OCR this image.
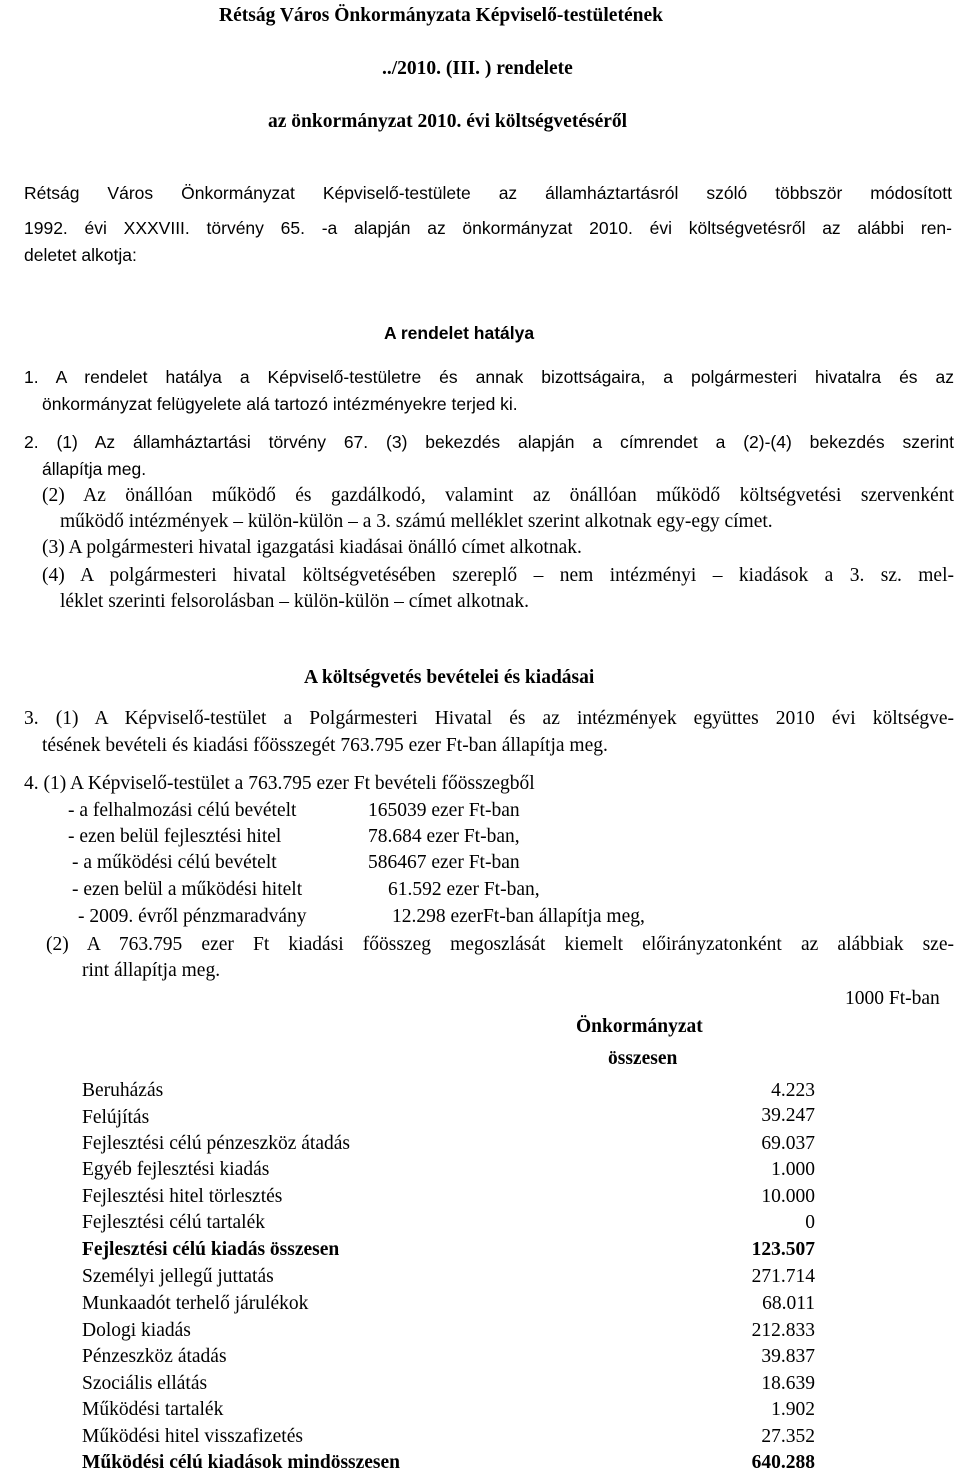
Rétság Város Önkormányzata Képviselő-testületének
../2010. (III. ) rendelete
az önkormányzat 2010. évi költségvetéséről
Rétság Város Önkormányzat Képviselő-testülete az államháztartásról szóló többször módosított
1992. évi XXXVIII. törvény 65. -a alapján az önkormányzat 2010. évi költségvetésről az alábbi ren-
deletet alkotja:
A rendelet hatálya
1. A rendelet hatálya a Képviselő-testületre és annak bizottságaira, a polgármesteri hivatalra és az
önkormányzat felügyelete alá tartozó intézményekre terjed ki.
2. (1) Az államháztartási törvény 67. (3) bekezdés alapján a címrendet a (2)-(4) bekezdés szerint
állapítja meg.
(2) Az önállóan működő és gazdálkodó, valamint az önállóan működő költségvetési szervenként
működő intézmények – külön-külön – a 3. számú melléklet szerint alkotnak egy-egy címet.
(3) A polgármesteri hivatal igazgatási kiadásai önálló címet alkotnak.
(4) A polgármesteri hivatal költségvetésében szereplő – nem intézményi – kiadások a 3. sz. mel-
léklet szerinti felsorolásban – külön-külön – címet alkotnak.
A költségvetés bevételei és kiadásai
3. (1) A Képviselő-testület a Polgármesteri Hivatal és az intézmények együttes 2010 évi költségve-
tésének bevételi és kiadási főösszegét 763.795 ezer Ft-ban állapítja meg.
4. (1) A Képviselő-testület a 763.795 ezer Ft bevételi főösszegből
- a felhalmozási célú bevételt	165039 ezer Ft-ban
- ezen belül fejlesztési hitel	78.684 ezer Ft-ban,
- a működési célú bevételt	586467 ezer Ft-ban
- ezen belül a működési hitelt	61.592 ezer Ft-ban,
- 2009. évről pénzmaradvány	12.298 ezerFt-ban állapítja meg,
(2) A 763.795 ezer Ft kiadási főösszeg megoszlását kiemelt előirányzatonként az alábbiak sze-
rint állapítja meg.
1000 Ft-ban
Önkormányzat
összesen
Beruházás	4.223
Felújítás	39.247
Fejlesztési célú pénzeszköz átadás	69.037
Egyéb fejlesztési kiadás	1.000
Fejlesztési hitel törlesztés	10.000
Fejlesztési célú tartalék	0
Fejlesztési célú kiadás összesen	123.507
Személyi jellegű juttatás	271.714
Munkaadót terhelő járulékok	68.011
Dologi kiadás	212.833
Pénzeszköz átadás	39.837
Szociális ellátás	18.639
Működési tartalék	1.902
Működési hitel visszafizetés	27.352
Működési célú kiadások mindösszesen	640.288
